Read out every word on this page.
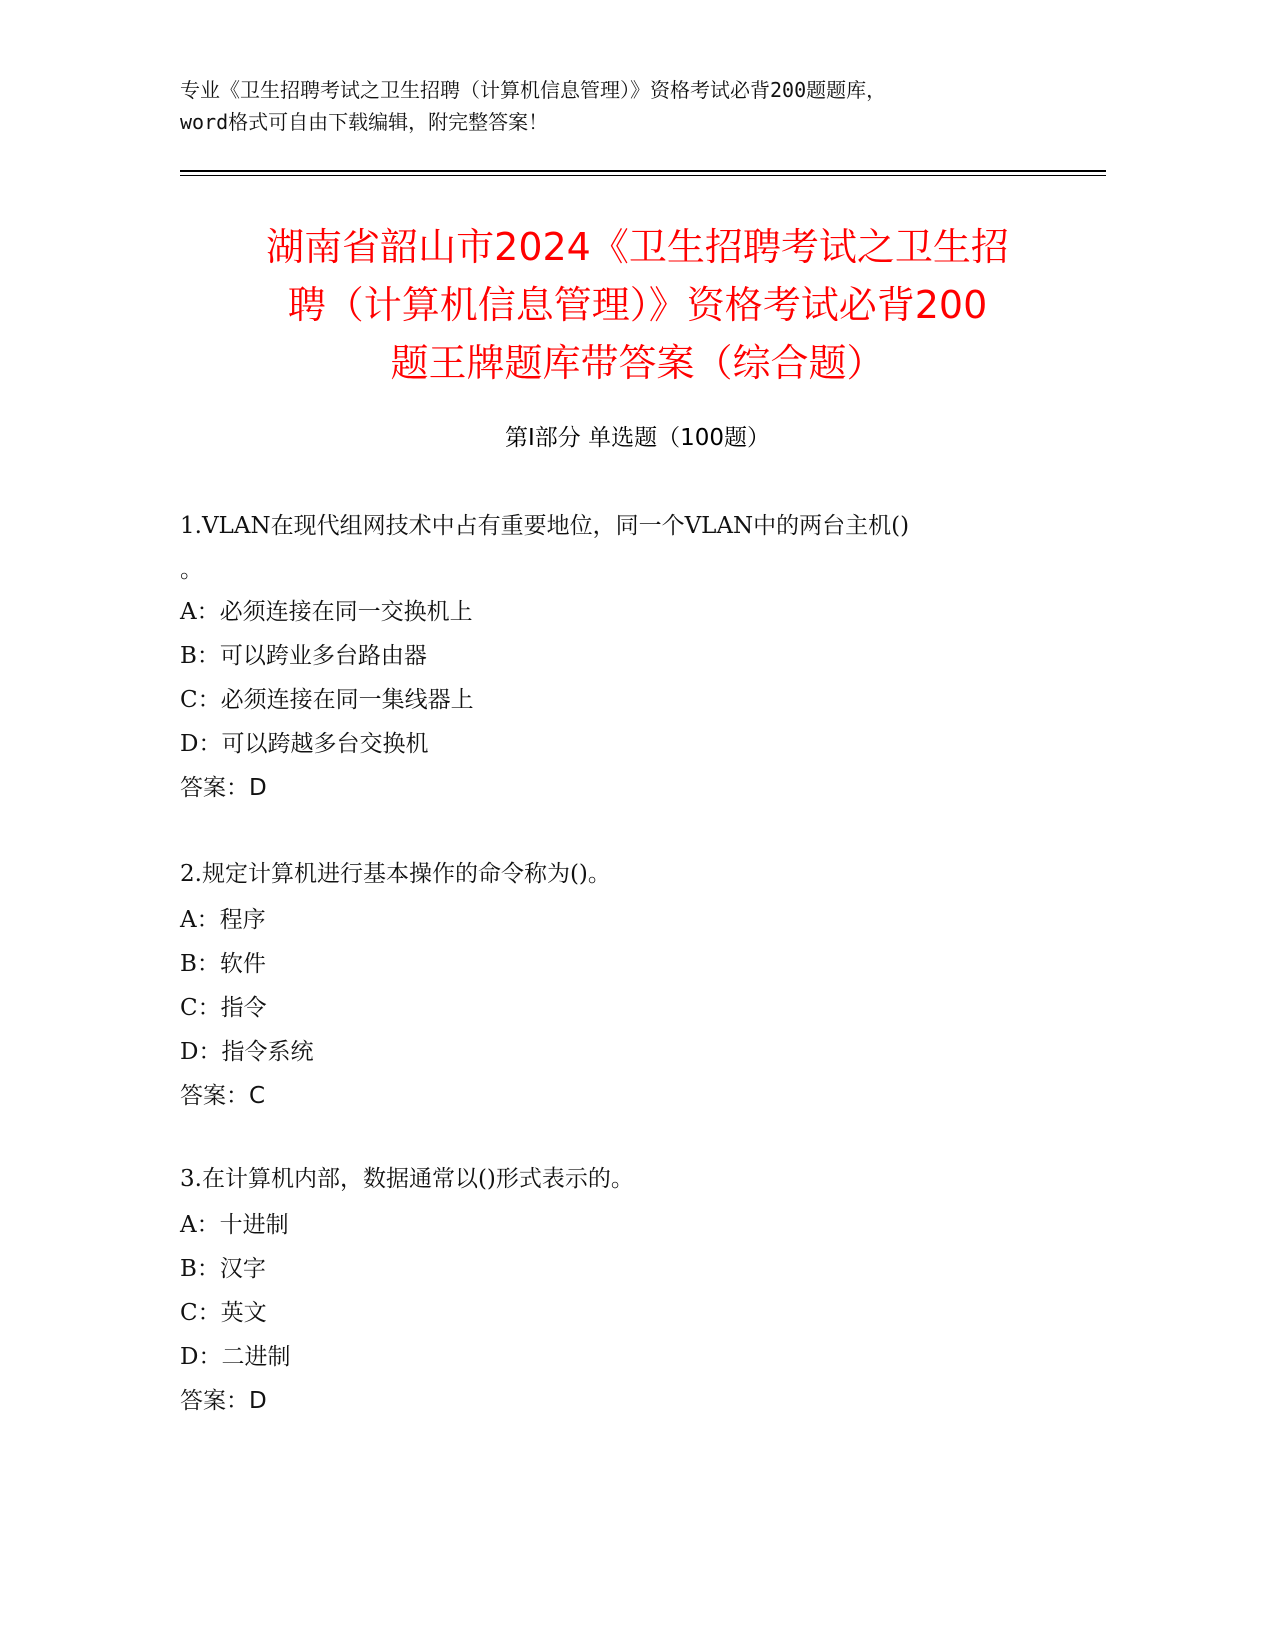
专业《卫生招聘考试之卫生招聘（计算机信息管理）》资格考试必背200题题库，
word格式可自由下载编辑，附完整答案！
湖南省韶山市2024《卫生招聘考试之卫生招
聘（计算机信息管理）》资格考试必背200
题王牌题库带答案（综合题）
第Ⅰ部分 单选题（100题）
1.VLAN在现代组网技术中占有重要地位，同一个VLAN中的两台主机()
。
A：必须连接在同一交换机上
B：可以跨业多台路由器
C：必须连接在同一集线器上
D：可以跨越多台交换机
答案：D
2.规定计算机进行基本操作的命令称为()。
A：程序
B：软件
C：指令
D：指令系统
答案：C
3.在计算机内部，数据通常以()形式表示的。
A：十进制
B：汉字
C：英文
D：二进制
答案：D
